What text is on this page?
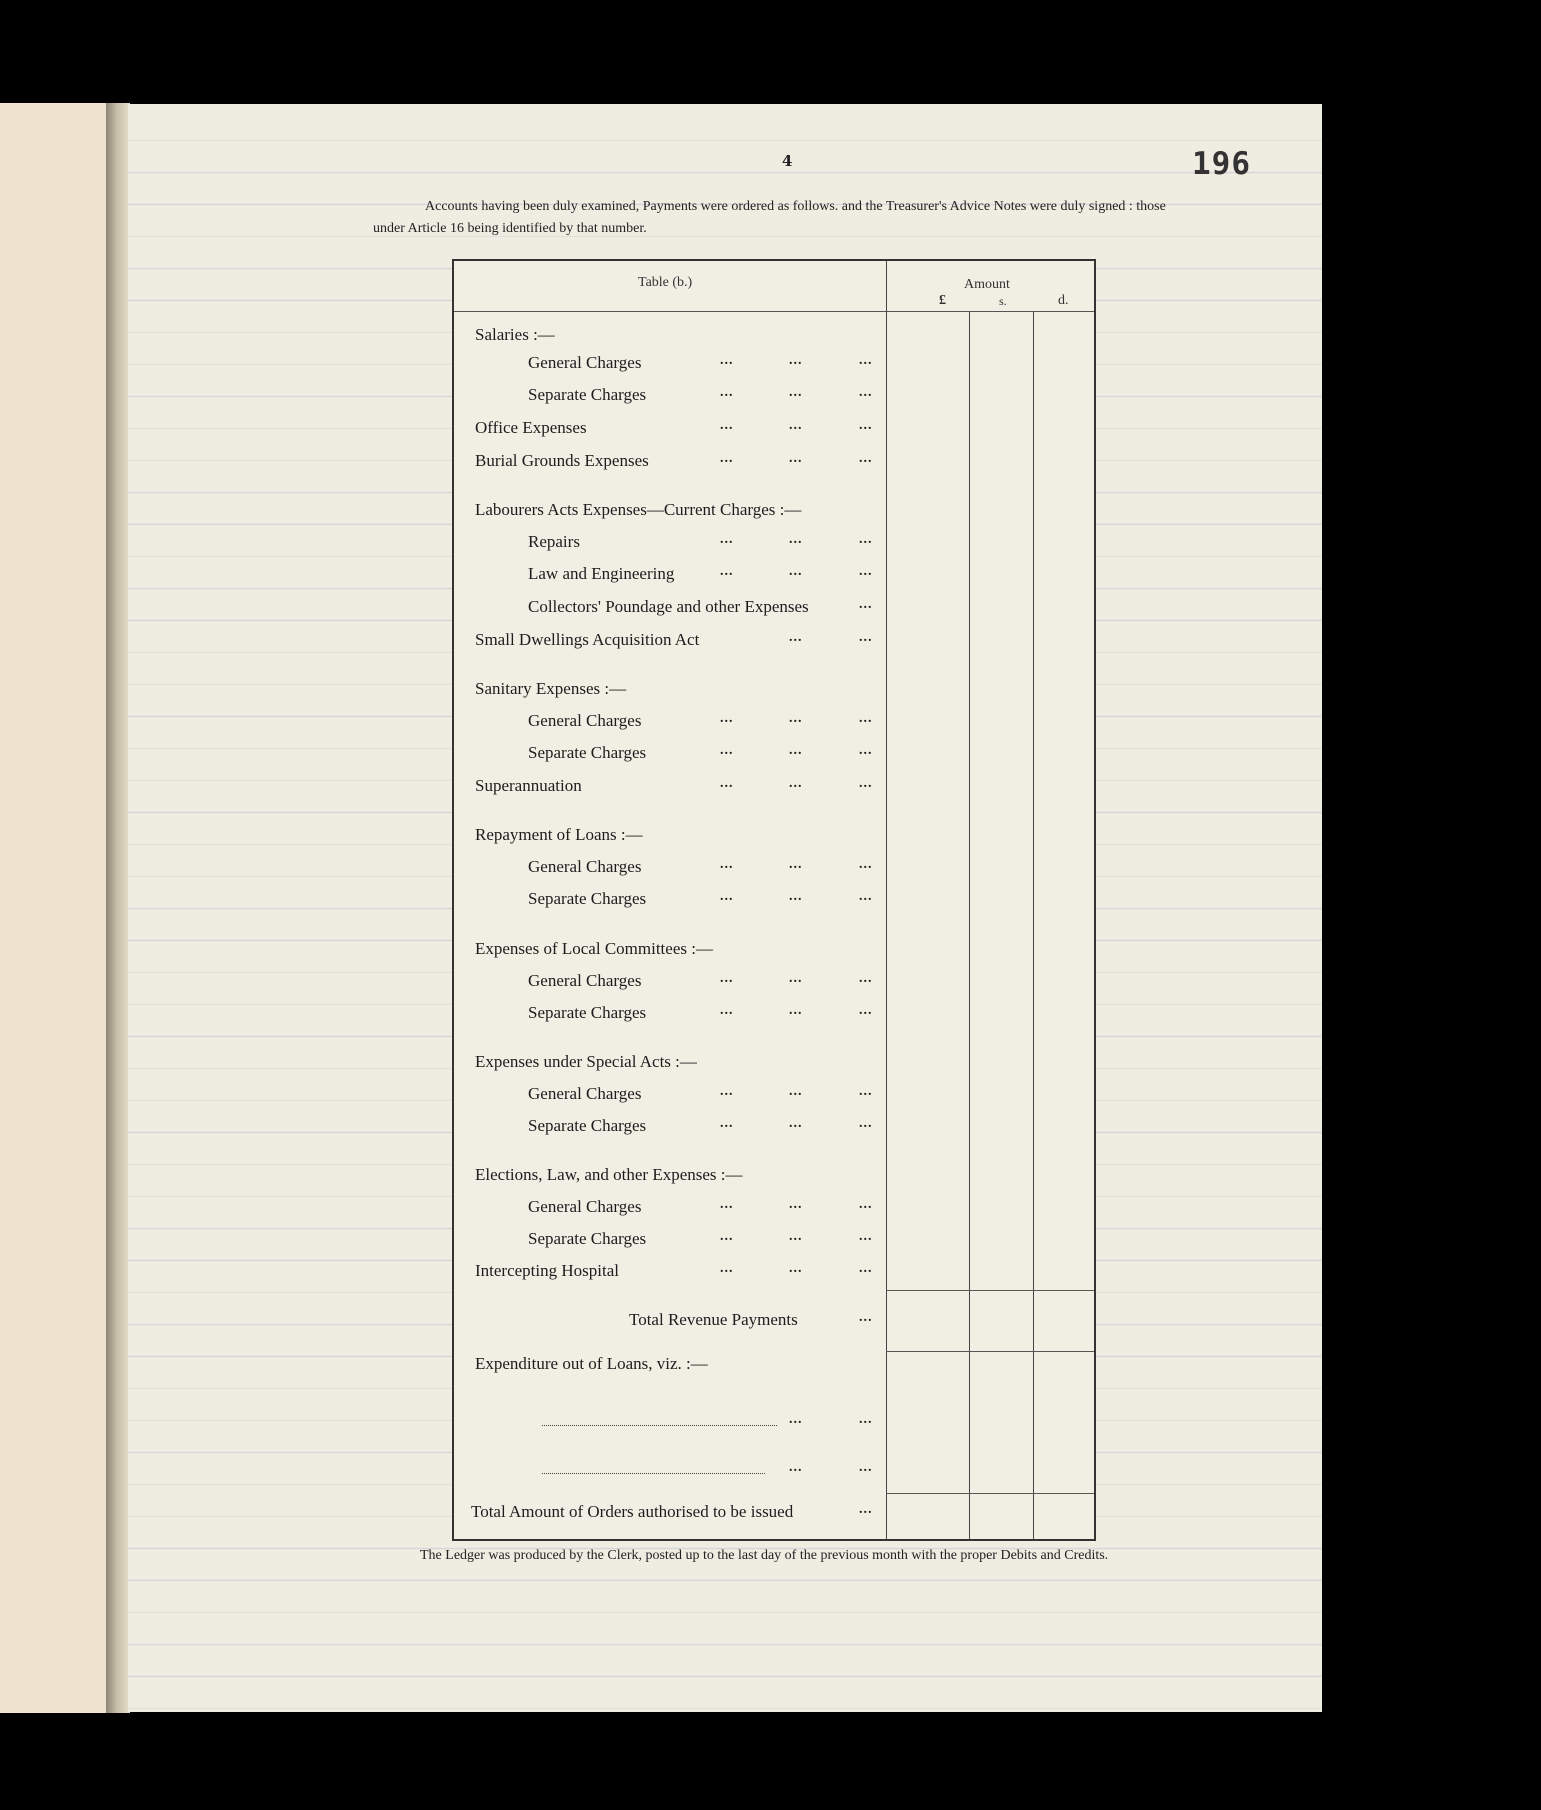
4	196
Accounts having been duly examined, Payments were ordered as follows. and the Treasurer's Advice Notes were duly signed : those under Article 16 being identified by that number.
Table (b.)	Amount
£	s.	d.
Salaries :—
General Charges	...	...	...
Separate Charges	...	...	...
Office Expenses	...	...	...
Burial Grounds Expenses	...	...	...
Labourers Acts Expenses—Current Charges :—
Repairs	...	...	...
Law and Engineering	...	...	...
Collectors' Poundage and other Expenses	...
Small Dwellings Acquisition Act	...	...
Sanitary Expenses :—
General Charges	...	...	...
Separate Charges	...	...	...
Superannuation	...	...	...
Repayment of Loans :—
General Charges	...	...	...
Separate Charges	...	...	...
Expenses of Local Committees :—
General Charges	...	...	...
Separate Charges	...	...	...
Expenses under Special Acts :—
General Charges	...	...	...
Separate Charges	...	...	...
Elections, Law, and other Expenses :—
General Charges	...	...	...
Separate Charges	...	...	...
Intercepting Hospital	...	...	...
Total Revenue Payments	...
Expenditure out of Loans, viz. :—
...	...
...	...
Total Amount of Orders authorised to be issued	...
The Ledger was produced by the Clerk, posted up to the last day of the previous month with the proper Debits and Credits.
